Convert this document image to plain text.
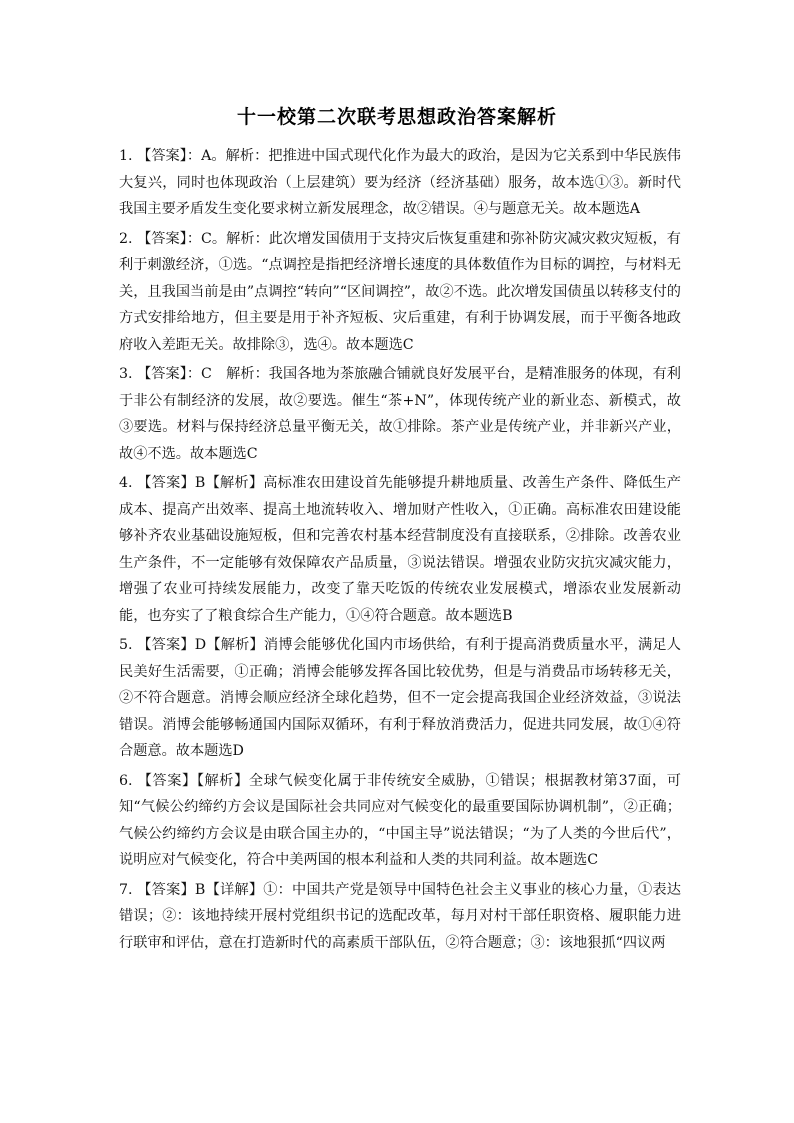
十一校第二次联考思想政治答案解析

1. 【答案】：A。解析：把推进中国式现代化作为最大的政治，是因为它关系到中华民族伟大复兴，同时也体现政治（上层建筑）要为经济（经济基础）服务，故本选①③。新时代我国主要矛盾发生变化要求树立新发展理念，故②错误。④与题意无关。故本题选A

2. 【答案】：C。解析：此次增发国债用于支持灾后恢复重建和弥补防灾减灾救灾短板，有利于刺激经济，①选。“点调控是指把经济增长速度的具体数值作为目标的调控，与材料无关，且我国当前是由”点调控“转向”“区间调控”，故②不选。此次增发国债虽以转移支付的方式安排给地方，但主要是用于补齐短板、灾后重建，有利于协调发展，而于平衡各地政府收入差距无关。故排除③，选④。故本题选C

3. 【答案】：C　解析：我国各地为茶旅融合铺就良好发展平台，是精准服务的体现，有利于非公有制经济的发展，故②要选。催生“茶+N”，体现传统产业的新业态、新模式，故③要选。材料与保持经济总量平衡无关，故①排除。茶产业是传统产业，并非新兴产业，故④不选。故本题选C

4. 【答案】B【解析】高标准农田建设首先能够提升耕地质量、改善生产条件、降低生产成本、提高产出效率、提高土地流转收入、增加财产性收入，①正确。高标准农田建设能够补齐农业基础设施短板，但和完善农村基本经营制度没有直接联系，②排除。改善农业生产条件，不一定能够有效保障农产品质量，③说法错误。增强农业防灾抗灾减灾能力，增强了农业可持续发展能力，改变了靠天吃饭的传统农业发展模式，增添农业发展新动能，也夯实了了粮食综合生产能力，①④符合题意。故本题选B

5. 【答案】D【解析】消博会能够优化国内市场供给，有利于提高消费质量水平，满足人民美好生活需要，①正确；消博会能够发挥各国比较优势，但是与消费品市场转移无关，②不符合题意。消博会顺应经济全球化趋势，但不一定会提高我国企业经济效益，③说法错误。消博会能够畅通国内国际双循环，有利于释放消费活力，促进共同发展，故①④符合题意。故本题选D

6. 【答案】【解析】全球气候变化属于非传统安全威胁，①错误；根据教材第37面，可知“气候公约缔约方会议是国际社会共同应对气候变化的最重要国际协调机制”，②正确；气候公约缔约方会议是由联合国主办的，“中国主导”说法错误；“为了人类的今世后代”，说明应对气候变化，符合中美两国的根本利益和人类的共同利益。故本题选C

7. 【答案】B【详解】①：中国共产党是领导中国特色社会主义事业的核心力量，①表达错误；②：该地持续开展村党组织书记的选配改革，每月对村干部任职资格、履职能力进行联审和评估，意在打造新时代的高素质干部队伍，②符合题意；③：该地狠抓“四议两
